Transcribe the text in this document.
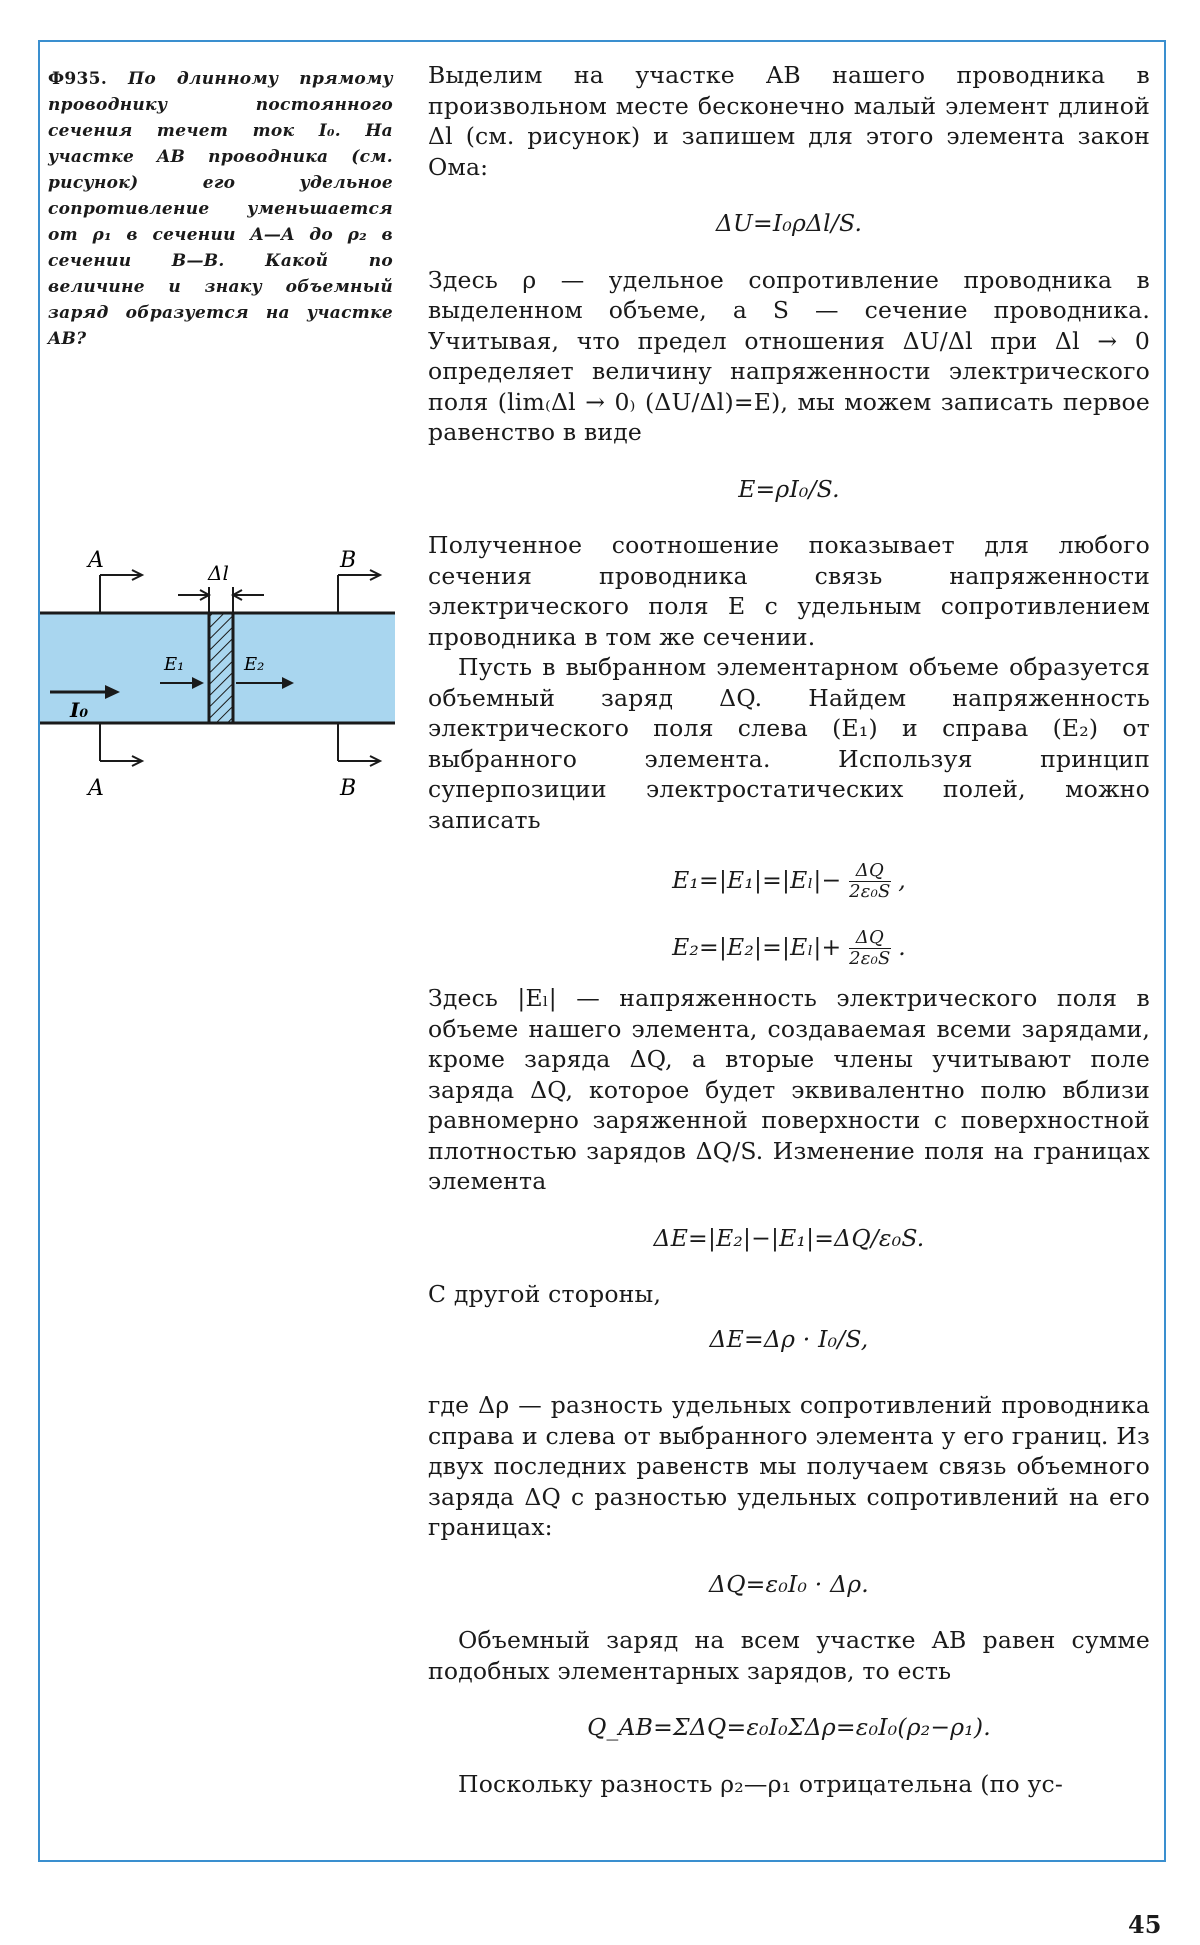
Ф935. По длинному прямому проводнику постоянного сечения течет ток I₀. На участке AB проводника (см. рисунок) его удельное сопротивление уменьшается от ρ₁ в сечении A—A до ρ₂ в сечении B—B. Какой по величине и знаку объемный заряд образуется на участке AB?
A
A
B
B
Δl
E₁	E₂
I₀

Выделим на участке AB нашего проводника в произвольном месте бесконечно малый элемент длиной Δl (см. рисунок) и запишем для этого элемента закон Ома:

ΔU=I₀ρΔl/S.

Здесь ρ — удельное сопротивление проводника в выделенном объеме, а S — сечение проводника. Учитывая, что предел отношения ΔU/Δl при Δl → 0 определяет величину напряженности электрического поля (lim₍Δl → 0₎ (ΔU/Δl)=E), мы можем записать первое равенство в виде

E=ρI₀/S.

Полученное соотношение показывает для любого сечения проводника связь напряженности электрического поля E с удельным сопротивлением проводника в том же сечении.

Пусть в выбранном элементарном объеме образуется объемный заряд ΔQ. Найдем напряженность электрического поля слева (E₁) и справа (E₂) от выбранного элемента. Используя принцип суперпозиции электростатических полей, можно записать

$E_1=|E_1|=|E_l|- \frac{\Delta Q}{\text{2ε₀S}}$ ,
$E_2=|E_2|=|E_l|+ \frac{\Delta Q}{\text{2ε₀S}}$ .

Здесь |Eₗ| — напряженность электрического поля в объеме нашего элемента, создаваемая всеми зарядами, кроме заряда ΔQ, а вторые члены учитывают поле заряда ΔQ, которое будет эквивалентно полю вблизи равномерно заряженной поверхности с поверхностной плотностью зарядов ΔQ/S. Изменение поля на границах элемента

ΔE=|E₂|−|E₁|=ΔQ/ε₀S.

С другой стороны,

ΔE=Δρ · I₀/S,

где Δρ — разность удельных сопротивлений проводника справа и слева от выбранного элемента у его границ. Из двух последних равенств мы получаем связь объемного заряда ΔQ с разностью удельных сопротивлений на его границах:

ΔQ=ε₀I₀ · Δρ.

Объемный заряд на всем участке AB равен сумме подобных элементарных зарядов, то есть

Q_AB=ΣΔQ=ε₀I₀ΣΔρ=ε₀I₀(ρ₂−ρ₁).

Поскольку разность ρ₂—ρ₁ отрицательна (по ус-

45
